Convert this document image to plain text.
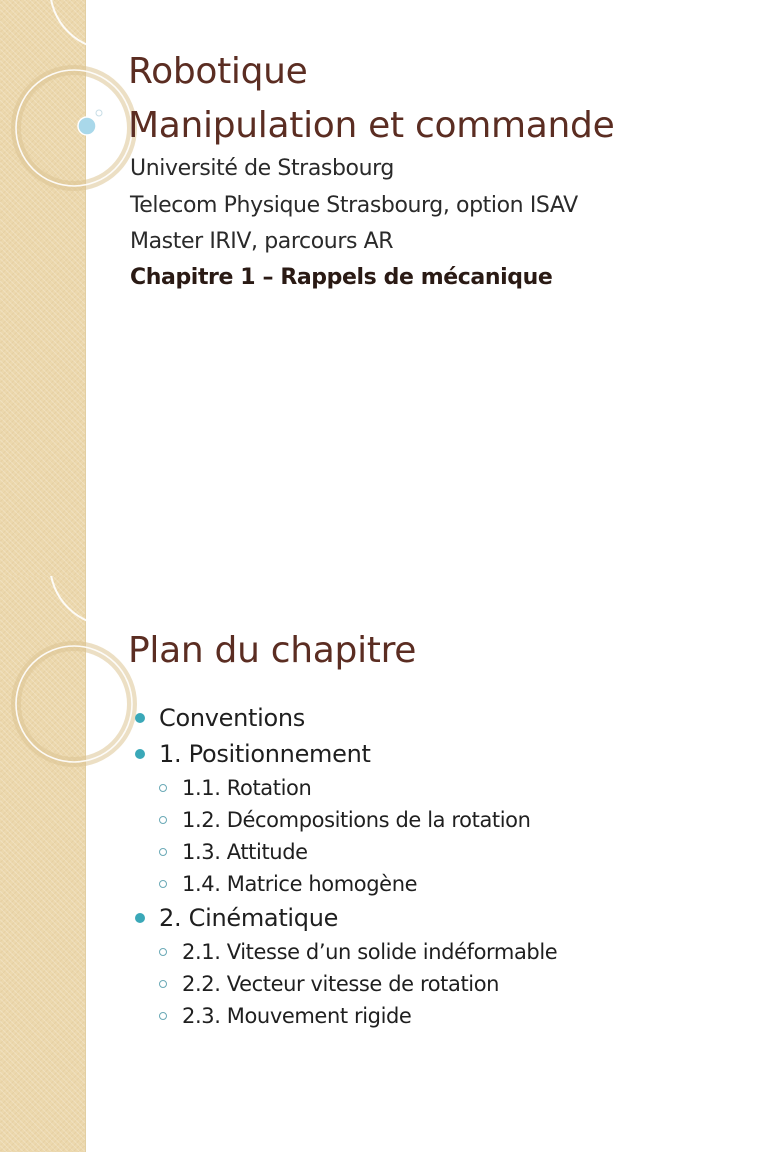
Robotique
Manipulation et commande
Université de Strasbourg
Telecom Physique Strasbourg, option ISAV
Master IRIV, parcours AR
Chapitre 1 – Rappels de mécanique
Plan du chapitre
Conventions
1. Positionnement
1.1. Rotation
1.2. Décompositions de la rotation
1.3. Attitude
1.4. Matrice homogène
2. Cinématique
2.1. Vitesse d’un solide indéformable
2.2. Vecteur vitesse de rotation
2.3. Mouvement rigide
